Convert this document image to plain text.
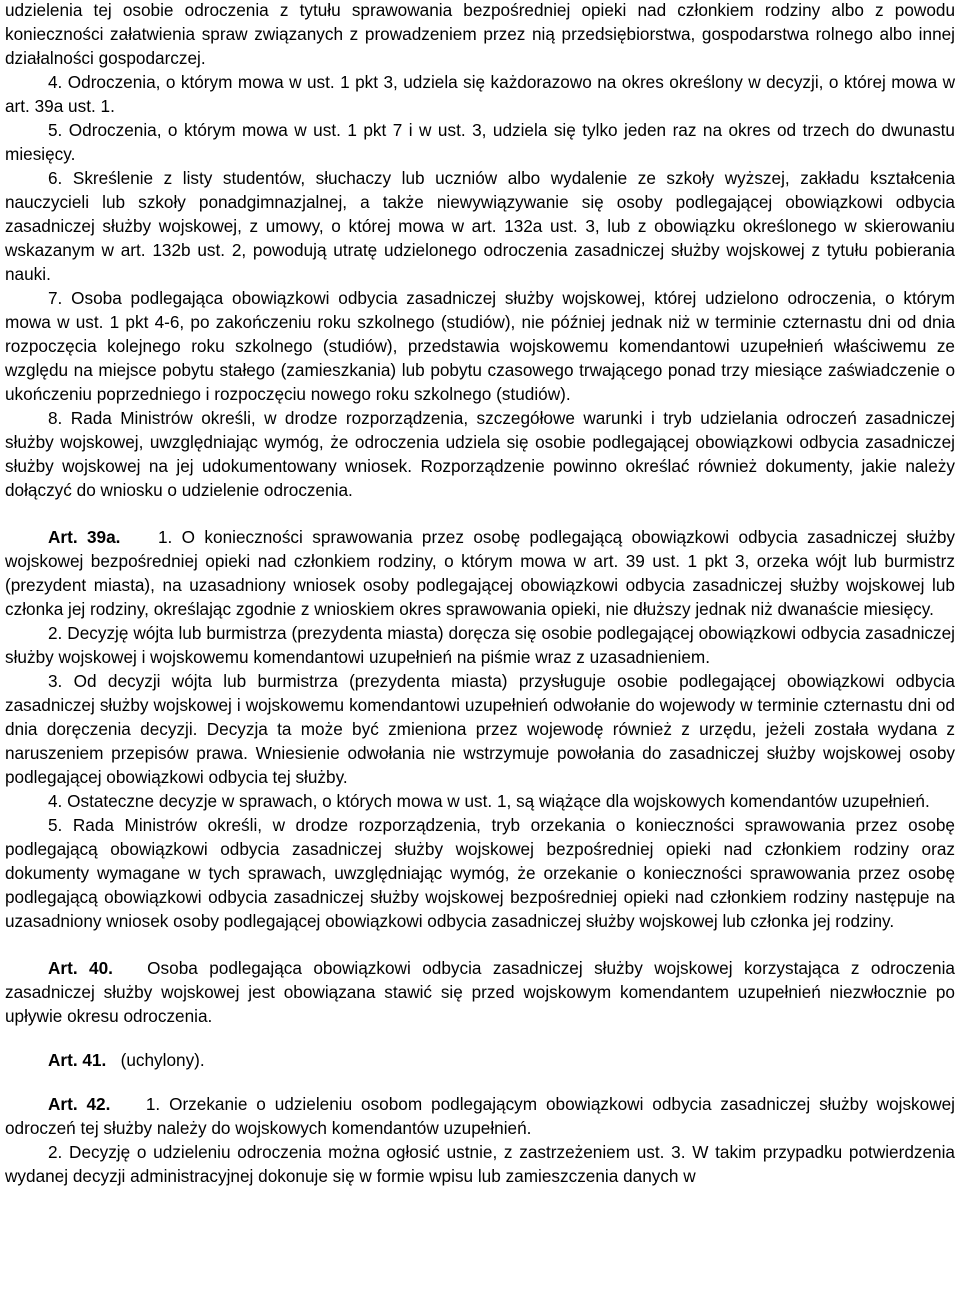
udzielenia tej osobie odroczenia z tytułu sprawowania bezpośredniej opieki nad członkiem rodziny albo z powodu konieczności załatwienia spraw związanych z prowadzeniem przez nią przedsiębiorstwa, gospodarstwa rolnego albo innej działalności gospodarczej.

4. Odroczenia, o którym mowa w ust. 1 pkt 3, udziela się każdorazowo na okres określony w decyzji, o której mowa w art. 39a ust. 1.

5. Odroczenia, o którym mowa w ust. 1 pkt 7 i w ust. 3, udziela się tylko jeden raz na okres od trzech do dwunastu miesięcy.

6. Skreślenie z listy studentów, słuchaczy lub uczniów albo wydalenie ze szkoły wyższej, zakładu kształcenia nauczycieli lub szkoły ponadgimnazjalnej, a także niewywiązywanie się osoby podlegającej obowiązkowi odbycia zasadniczej służby wojskowej, z umowy, o której mowa w art. 132a ust. 3, lub z obowiązku określonego w skierowaniu wskazanym w art. 132b ust. 2, powodują utratę udzielonego odroczenia zasadniczej służby wojskowej z tytułu pobierania nauki.

7. Osoba podlegająca obowiązkowi odbycia zasadniczej służby wojskowej, której udzielono odroczenia, o którym mowa w ust. 1 pkt 4-6, po zakończeniu roku szkolnego (studiów), nie później jednak niż w terminie czternastu dni od dnia rozpoczęcia kolejnego roku szkolnego (studiów), przedstawia wojskowemu komendantowi uzupełnień właściwemu ze względu na miejsce pobytu stałego (zamieszkania) lub pobytu czasowego trwającego ponad trzy miesiące zaświadczenie o ukończeniu poprzedniego i rozpoczęciu nowego roku szkolnego (studiów).

8. Rada Ministrów określi, w drodze rozporządzenia, szczegółowe warunki i tryb udzielania odroczeń zasadniczej służby wojskowej, uwzględniając wymóg, że odroczenia udziela się osobie podlegającej obowiązkowi odbycia zasadniczej służby wojskowej na jej udokumentowany wniosek. Rozporządzenie powinno określać również dokumenty, jakie należy dołączyć do wniosku o udzielenie odroczenia.

Art. 39a. 1. O konieczności sprawowania przez osobę podlegającą obowiązkowi odbycia zasadniczej służby wojskowej bezpośredniej opieki nad członkiem rodziny, o którym mowa w art. 39 ust. 1 pkt 3, orzeka wójt lub burmistrz (prezydent miasta), na uzasadniony wniosek osoby podlegającej obowiązkowi odbycia zasadniczej służby wojskowej lub członka jej rodziny, określając zgodnie z wnioskiem okres sprawowania opieki, nie dłuższy jednak niż dwanaście miesięcy.

2. Decyzję wójta lub burmistrza (prezydenta miasta) doręcza się osobie podlegającej obowiązkowi odbycia zasadniczej służby wojskowej i wojskowemu komendantowi uzupełnień na piśmie wraz z uzasadnieniem.

3. Od decyzji wójta lub burmistrza (prezydenta miasta) przysługuje osobie podlegającej obowiązkowi odbycia zasadniczej służby wojskowej i wojskowemu komendantowi uzupełnień odwołanie do wojewody w terminie czternastu dni od dnia doręczenia decyzji. Decyzja ta może być zmieniona przez wojewodę również z urzędu, jeżeli została wydana z naruszeniem przepisów prawa. Wniesienie odwołania nie wstrzymuje powołania do zasadniczej służby wojskowej osoby podlegającej obowiązkowi odbycia tej służby.

4. Ostateczne decyzje w sprawach, o których mowa w ust. 1, są wiążące dla wojskowych komendantów uzupełnień.

5. Rada Ministrów określi, w drodze rozporządzenia, tryb orzekania o konieczności sprawowania przez osobę podlegającą obowiązkowi odbycia zasadniczej służby wojskowej bezpośredniej opieki nad członkiem rodziny oraz dokumenty wymagane w tych sprawach, uwzględniając wymóg, że orzekanie o konieczności sprawowania przez osobę podlegającą obowiązkowi odbycia zasadniczej służby wojskowej bezpośredniej opieki nad członkiem rodziny następuje na uzasadniony wniosek osoby podlegającej obowiązkowi odbycia zasadniczej służby wojskowej lub członka jej rodziny.

Art. 40. Osoba podlegająca obowiązkowi odbycia zasadniczej służby wojskowej korzystająca z odroczenia zasadniczej służby wojskowej jest obowiązana stawić się przed wojskowym komendantem uzupełnień niezwłocznie po upływie okresu odroczenia.

Art. 41. (uchylony).

Art. 42. 1. Orzekanie o udzieleniu osobom podlegającym obowiązkowi odbycia zasadniczej służby wojskowej odroczeń tej służby należy do wojskowych komendantów uzupełnień.

2. Decyzję o udzieleniu odroczenia można ogłosić ustnie, z zastrzeżeniem ust. 3. W takim przypadku potwierdzenia wydanej decyzji administracyjnej dokonuje się w formie wpisu lub zamieszczenia danych w
